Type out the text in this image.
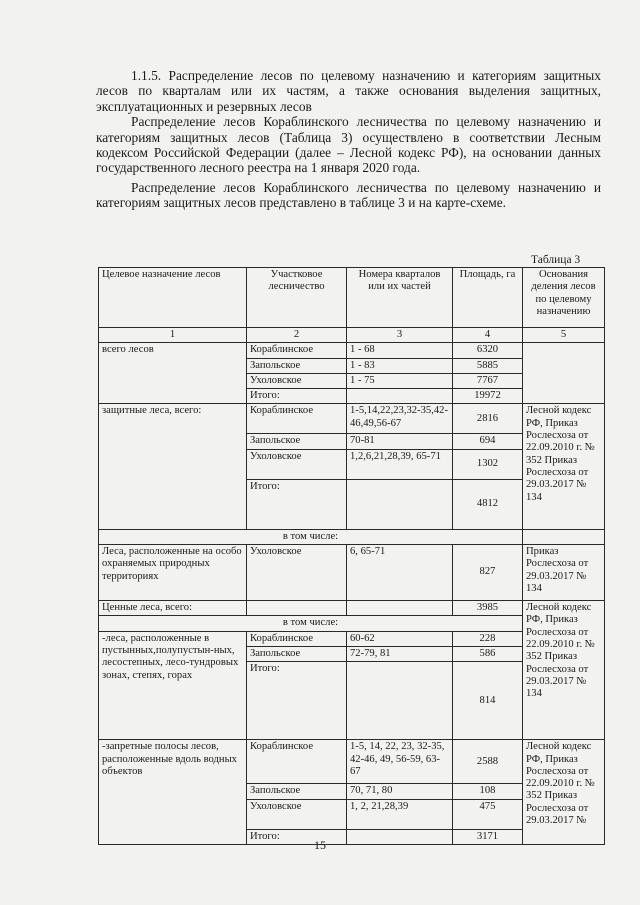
1.1.5. Распределение лесов по целевому назначению и категориям защитных лесов по кварталам или их частям, а также основания выделения защитных, эксплуатационных и резервных лесов

Распределение лесов Кораблинского лесничества по целевому назначению и категориям защитных лесов (Таблица 3) осуществлено в соответствии Лесным кодексом Российской Федерации (далее – Лесной кодекс РФ), на основании данных государственного лесного реестра на 1 января 2020 года.

Распределение лесов Кораблинского лесничества по целевому назначению и категориям защитных лесов представлено в таблице 3 и на карте-схеме.

Таблица 3
Целевое назначение лесов	Участковое лесничество	Номера кварталов или их частей	Площадь, га	Основания деления лесов по целевому назначению
1	2	3	4	5
всего лесов	Кораблинское	1 - 68	6320	
	Запольское	1 - 83	5885	
	Ухоловское	1 - 75	7767	
	Итого:		19972	
защитные леса, всего:	Кораблинское	1-5,14,22,23,32-35,42-46,49,56-67	2816	Лесной кодекс РФ, Приказ Рослесхоза от 22.09.2010 г. № 352 Приказ Рослесхоза от 29.03.2017 № 134
	Запольское	70-81	694	
	Ухоловское	1,2,6,21,28,39, 65-71	1302	
	Итого:		4812	
в том числе:				
Леса, расположенные на особо охраняемых природных территориях	Ухоловское	6, 65-71	827	Приказ Рослесхоза от 29.03.2017 № 134
Ценные леса, всего:			3985	Лесной кодекс РФ, Приказ Рослесхоза от 22.09.2010 г. № 352 Приказ Рослесхоза от 29.03.2017 № 134
в том числе:				
-леса, расположенные в пустынных,полупустын-ных, лесостепных, лесо-тундровых зонах, степях, горах	Кораблинское	60-62	228	
	Запольское	72-79, 81	586	
	Итого:		814	
-запретные полосы лесов, расположенные вдоль водных объектов	Кораблинское	1-5, 14, 22, 23, 32-35, 42-46, 49, 56-59, 63-67	2588	Лесной кодекс РФ, Приказ Рослесхоза от 22.09.2010 г. № 352 Приказ Рослесхоза от 29.03.2017 №
	Запольское	70, 71, 80	108	
	Ухоловское	1, 2, 21,28,39	475	
	Итого:		3171	
15
